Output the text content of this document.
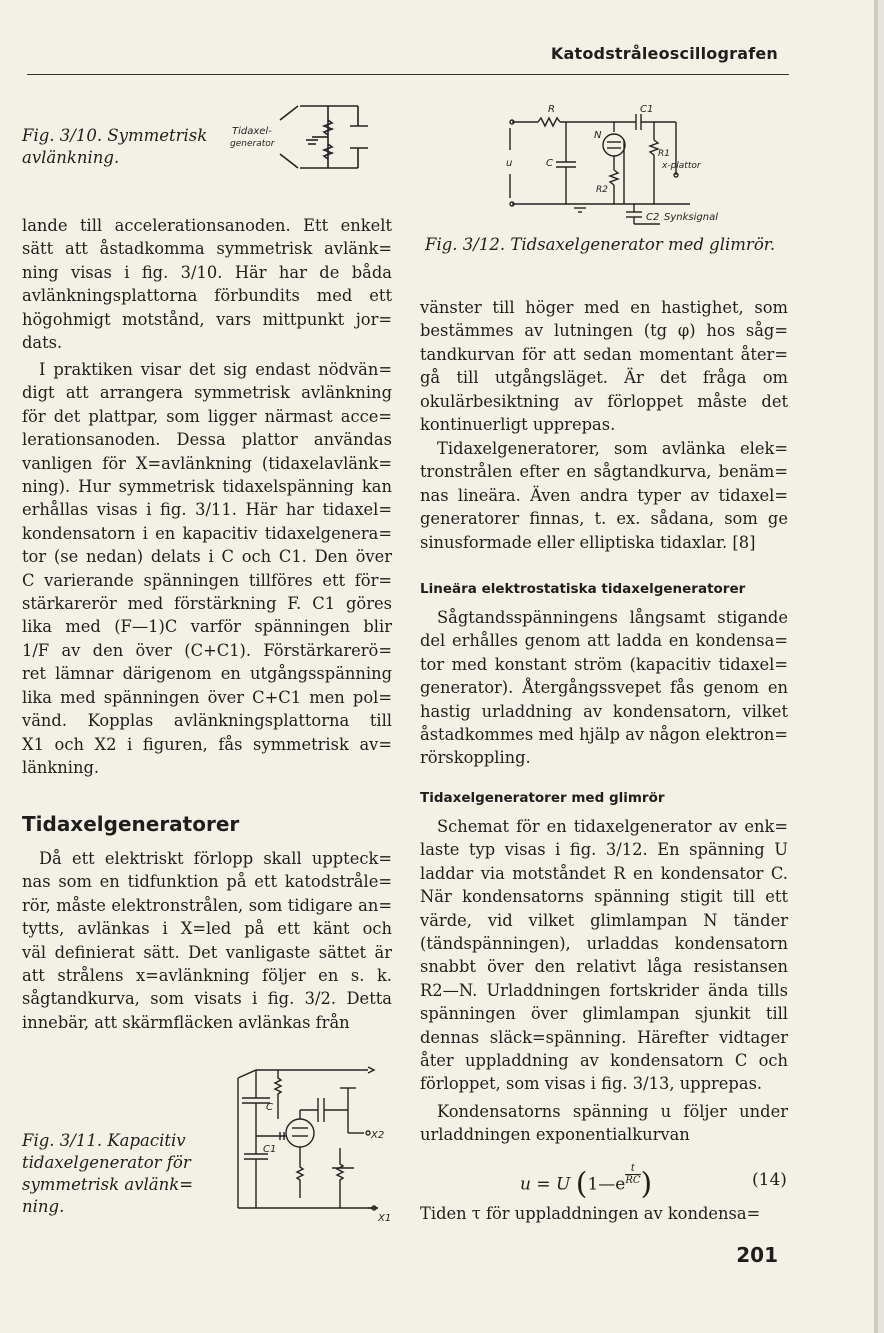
Katodstråleoscillografen
Fig. 3/10. Symmetrisk
avlänkning.
Tidaxel-
generator
lande till accelerationsanoden. Ett enkelt
sätt att åstadkomma symmetrisk avlänk=
ning visas i fig. 3/10. Här har de båda
avlänkningsplattorna förbundits med ett
högohmigt motstånd, vars mittpunkt jor=
dats.
I praktiken visar det sig endast nödvän=
digt att arrangera symmetrisk avlänkning
för det plattpar, som ligger närmast acce=
lerationsanoden. Dessa plattor användas
vanligen för X=avlänkning (tidaxelavlänk=
ning). Hur symmetrisk tidaxelspänning kan
erhållas visas i fig. 3/11. Här har tidaxel=
kondensatorn i en kapacitiv tidaxelgenera=
tor (se nedan) delats i C och C1. Den över
C varierande spänningen tillföres ett för=
stärkarerör med förstärkning F. C1 göres
lika med (F—1)C varför spänningen blir
1/F av den över (C+C1). Förstärkarerö=
ret lämnar därigenom en utgångsspänning
lika med spänningen över C+C1 men pol=
vänd. Kopplas avlänkningsplattorna till
X1 och X2 i figuren, fås symmetrisk av=
länkning.
Tidaxelgeneratorer
Då ett elektriskt förlopp skall uppteck=
nas som en tidfunktion på ett katodstråle=
rör, måste elektronstrålen, som tidigare an=
tytts, avlänkas i X=led på ett känt och
väl definierat sätt. Det vanligaste sättet är
att strålens x=avlänkning följer en s. k.
sågtandkurva, som visats i fig. 3/2. Detta
innebär, att skärmfläcken avlänkas från
Fig. 3/11. Kapacitiv
tidaxelgenerator för
symmetrisk avlänk=
ning.
C
C1
X2
X1
R	C1
N
u	C
R1
R2
x-plattor
C2 Synksignal
Fig. 3/12. Tidsaxelgenerator med glimrör.
vänster till höger med en hastighet, som
bestämmes av lutningen (tg φ) hos såg=
tandkurvan för att sedan momentant åter=
gå till utgångsläget. Är det fråga om
okulärbesiktning av förloppet måste det
kontinuerligt upprepas.
Tidaxelgeneratorer, som avlänka elek=
tronstrålen efter en sågtandkurva, benäm=
nas lineära. Även andra typer av tidaxel=
generatorer finnas, t. ex. sådana, som ge
sinusformade eller elliptiska tidaxlar. [8]
Lineära elektrostatiska tidaxelgeneratorer
Sågtandsspänningens långsamt stigande
del erhålles genom att ladda en kondensa=
tor med konstant ström (kapacitiv tidaxel=
generator). Återgångssvepet fås genom en
hastig urladdning av kondensatorn, vilket
åstadkommes med hjälp av någon elektron=
rörskoppling.
Tidaxelgeneratorer med glimrör
Schemat för en tidaxelgenerator av enk=
laste typ visas i fig. 3/12. En spänning U
laddar via motståndet R en kondensator C.
När kondensatorns spänning stigit till ett
värde, vid vilket glimlampan N tänder
(tändspänningen), urladdas kondensatorn
snabbt över den relativt låga resistansen
R2—N. Urladdningen fortskrider ända tills
spänningen över glimlampan sjunkit till
dennas släck=spänning. Härefter vidtager
åter uppladdning av kondensatorn C och
förloppet, som visas i fig. 3/13, upprepas.
Kondensatorns spänning u följer under
urladdningen exponentialkurvan
u = U (1—e $^{\frac{t}{RC}}$ )	(14)
Tiden τ för uppladdningen av kondensa=
201
